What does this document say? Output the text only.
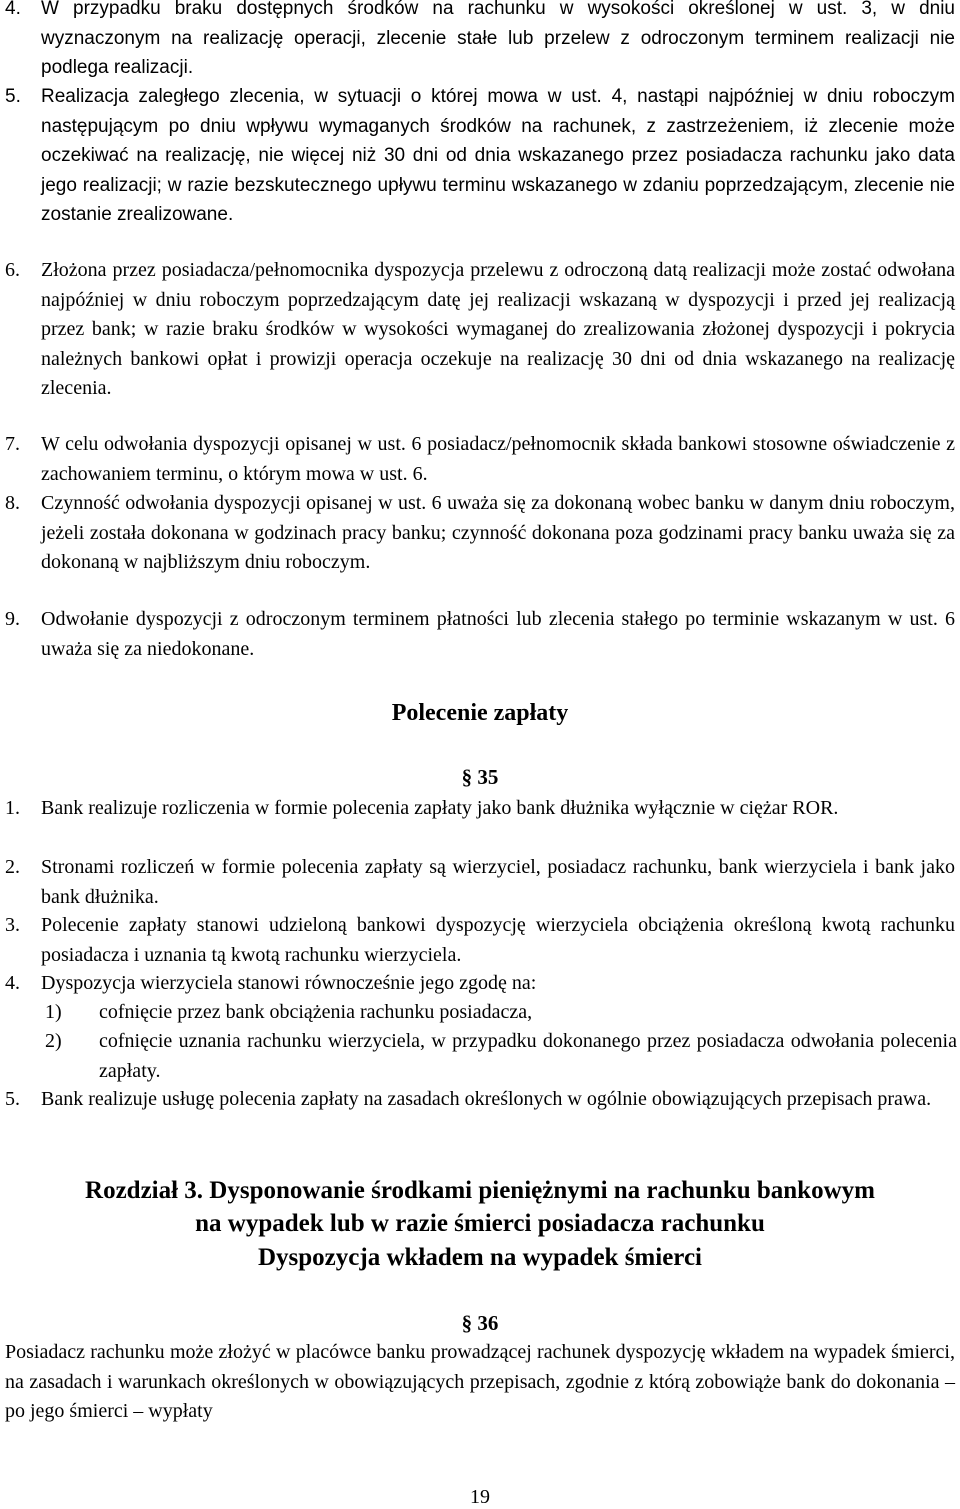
4. W przypadku braku dostępnych środków na rachunku w wysokości określonej w ust. 3, w dniu wyznaczonym na realizację operacji, zlecenie stałe lub przelew z odroczonym terminem realizacji nie podlega realizacji.
5. Realizacja zaległego zlecenia, w sytuacji o której mowa w ust. 4, nastąpi najpóźniej w dniu roboczym następującym po dniu wpływu wymaganych środków na rachunek, z zastrzeżeniem, iż zlecenie może oczekiwać na realizację, nie więcej niż 30 dni od dnia wskazanego przez posiadacza rachunku jako data jego realizacji; w razie bezskutecznego upływu terminu wskazanego w zdaniu poprzedzającym, zlecenie nie zostanie zrealizowane.
6. Złożona przez posiadacza/pełnomocnika dyspozycja przelewu z odroczoną datą realizacji może zostać odwołana najpóźniej w dniu roboczym poprzedzającym datę jej realizacji wskazaną w dyspozycji i przed jej realizacją przez bank; w razie braku środków w wysokości wymaganej do zrealizowania złożonej dyspozycji i pokrycia należnych bankowi opłat i prowizji operacja oczekuje na realizację 30 dni od dnia wskazanego na realizację zlecenia.
7. W celu odwołania dyspozycji opisanej w ust. 6 posiadacz/pełnomocnik składa bankowi stosowne oświadczenie z zachowaniem terminu, o którym mowa w ust. 6.
8. Czynność odwołania dyspozycji opisanej w ust. 6 uważa się za dokonaną wobec banku w danym dniu roboczym, jeżeli została dokonana w godzinach pracy banku; czynność dokonana poza godzinami pracy banku uważa się za dokonaną w najbliższym dniu roboczym.
9. Odwołanie dyspozycji z odroczonym terminem płatności lub zlecenia stałego po terminie wskazanym w ust. 6 uważa się za niedokonane.
Polecenie zapłaty
§ 35
1. Bank realizuje rozliczenia w formie polecenia zapłaty jako bank dłużnika wyłącznie w ciężar ROR.
2. Stronami rozliczeń w formie polecenia zapłaty są wierzyciel, posiadacz rachunku, bank wierzyciela i bank jako bank dłużnika.
3. Polecenie zapłaty stanowi udzieloną bankowi dyspozycję wierzyciela obciążenia określoną kwotą rachunku posiadacza i uznania tą kwotą rachunku wierzyciela.
4. Dyspozycja wierzyciela stanowi równocześnie jego zgodę na:
1) cofnięcie przez bank obciążenia rachunku posiadacza,
2) cofnięcie uznania rachunku wierzyciela, w przypadku dokonanego przez posiadacza odwołania polecenia zapłaty.
5. Bank realizuje usługę polecenia zapłaty na zasadach określonych w ogólnie obowiązujących przepisach prawa.
Rozdział 3. Dysponowanie środkami pieniężnymi na rachunku bankowym
na wypadek lub w razie śmierci posiadacza rachunku
Dyspozycja wkładem na wypadek śmierci
§ 36
Posiadacz rachunku może złożyć w placówce banku prowadzącej rachunek dyspozycję wkładem na wypadek śmierci, na zasadach i warunkach określonych w obowiązujących przepisach, zgodnie z którą zobowiąże bank do dokonania – po jego śmierci – wypłaty
19
